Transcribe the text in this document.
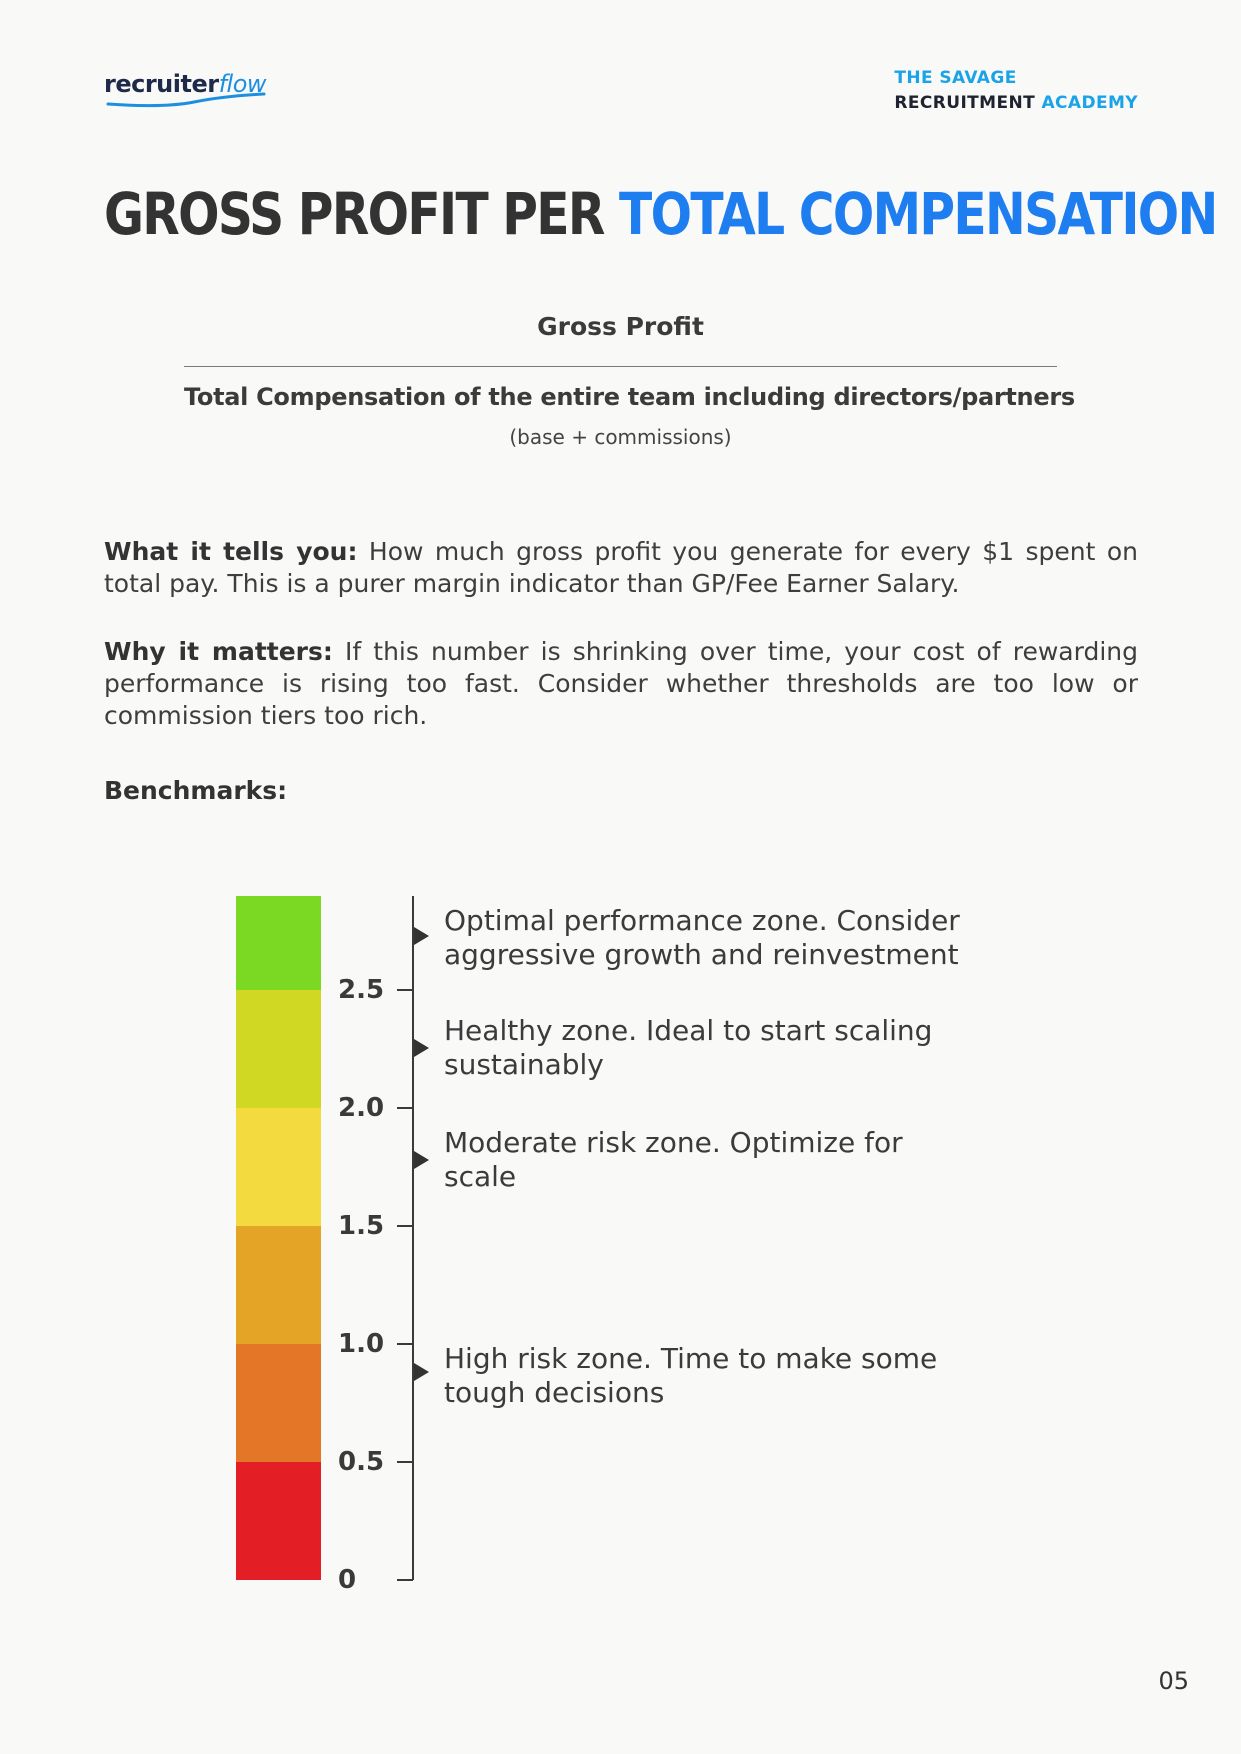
recruiterflow	THE SAVAGE
RECRUITMENT ACADEMY
GROSS PROFIT PER TOTAL COMPENSATION
Gross Profit
Total Compensation of the entire team including directors/partners
(base + commissions)

What it tells you: How much gross profit you generate for every $1 spent on total pay. This is a purer margin indicator than GP/Fee Earner Salary.

Why it matters: If this number is shrinking over time, your cost of rewarding performance is rising too fast. Consider whether thresholds are too low or commission tiers too rich.

Benchmarks:

2.5
2.0
1.5
1.0
0.5
0
Optimal performance zone. Consider aggressive growth and reinvestment
Healthy zone. Ideal to start scaling sustainably
Moderate risk zone. Optimize for scale
High risk zone. Time to make some tough decisions
05
